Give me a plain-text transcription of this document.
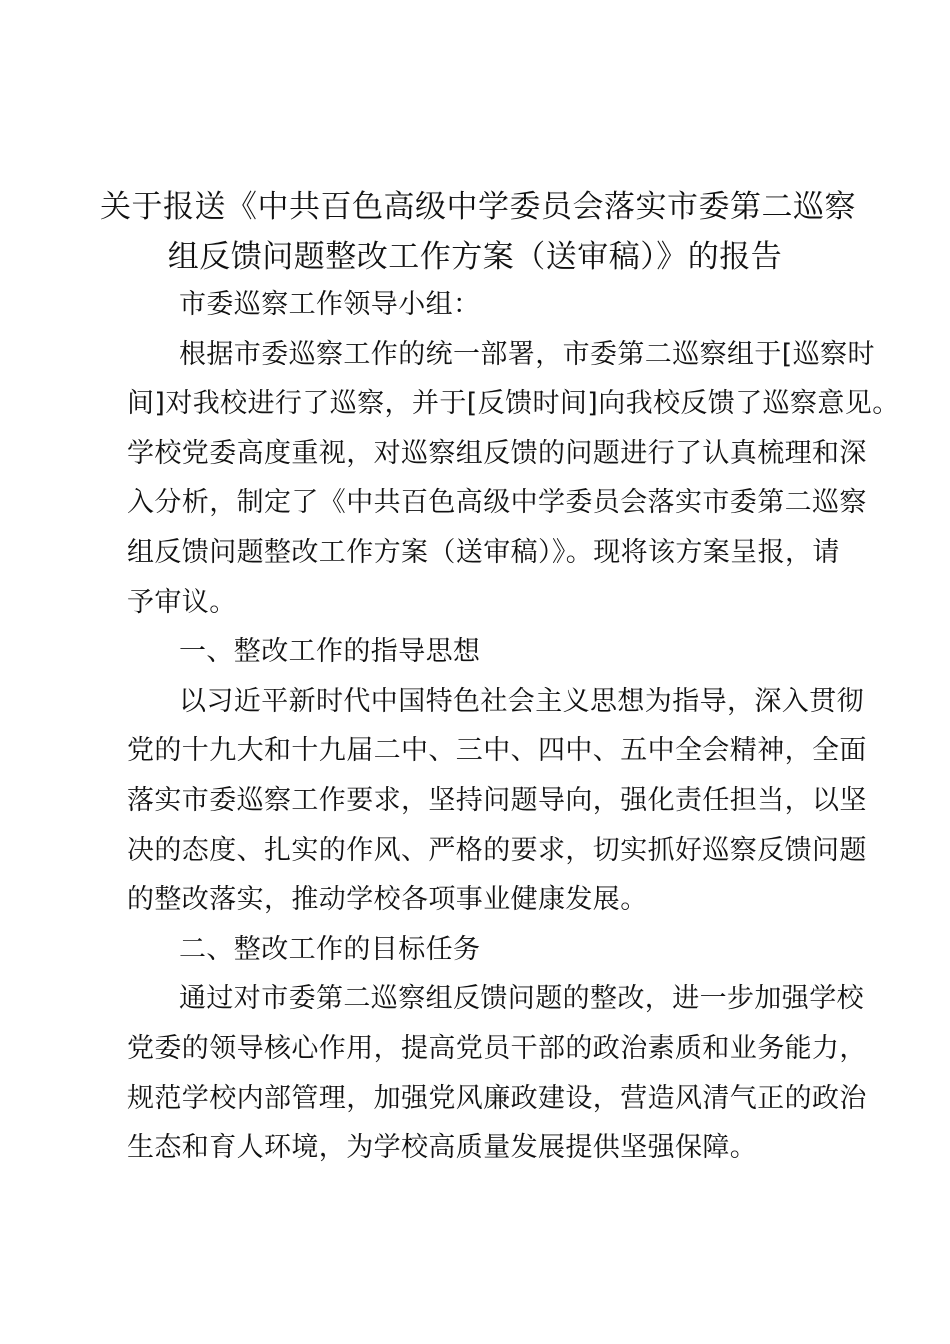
关于报送《中共百色高级中学委员会落实市委第二巡察
组反馈问题整改工作方案（送审稿）》的报告
市委巡察工作领导小组：
根据市委巡察工作的统一部署，市委第二巡察组于[巡察时
间]对我校进行了巡察，并于[反馈时间]向我校反馈了巡察意见。
学校党委高度重视，对巡察组反馈的问题进行了认真梳理和深
入分析，制定了《中共百色高级中学委员会落实市委第二巡察
组反馈问题整改工作方案（送审稿）》。现将该方案呈报，请
予审议。
一、整改工作的指导思想
以习近平新时代中国特色社会主义思想为指导，深入贯彻
党的十九大和十九届二中、三中、四中、五中全会精神，全面
落实市委巡察工作要求，坚持问题导向，强化责任担当，以坚
决的态度、扎实的作风、严格的要求，切实抓好巡察反馈问题
的整改落实，推动学校各项事业健康发展。
二、整改工作的目标任务
通过对市委第二巡察组反馈问题的整改，进一步加强学校
党委的领导核心作用，提高党员干部的政治素质和业务能力，
规范学校内部管理，加强党风廉政建设，营造风清气正的政治
生态和育人环境，为学校高质量发展提供坚强保障。
